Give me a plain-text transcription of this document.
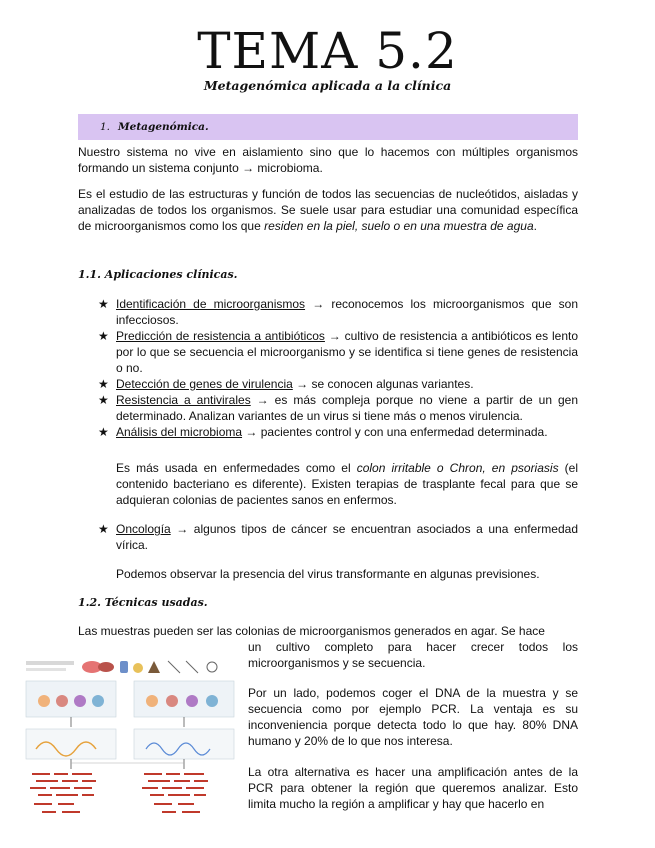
TEMA 5.2
Metagenómica aplicada a la clínica
1. Metagenómica.
Nuestro sistema no vive en aislamiento sino que lo hacemos con múltiples organismos formando un sistema conjunto → microbioma.
Es el estudio de las estructuras y función de todos las secuencias de nucleótidos, aisladas y analizadas de todos los organismos. Se suele usar para estudiar una comunidad específica de microorganismos como los que residen en la piel, suelo o en una muestra de agua.
1.1. Aplicaciones clínicas.
★ Identificación de microorganismos → reconocemos los microorganismos que son infecciosos.
★ Predicción de resistencia a antibióticos → cultivo de resistencia a antibióticos es lento por lo que se secuencia el microorganismo y se identifica si tiene genes de resistencia o no.
★ Detección de genes de virulencia → se conocen algunas variantes.
★ Resistencia a antivirales → es más compleja porque no viene a partir de un gen determinado. Analizan variantes de un virus si tiene más o menos virulencia.
★ Análisis del microbioma → pacientes control y con una enfermedad determinada.
Es más usada en enfermedades como el colon irritable o Chron, en psoriasis (el contenido bacteriano es diferente). Existen terapias de trasplante fecal para que se adquieran colonias de pacientes sanos en enfermos.
★ Oncología → algunos tipos de cáncer se encuentran asociados a una enfermedad vírica.
Podemos observar la presencia del virus transformante en algunas previsiones.
1.2. Técnicas usadas.
Las muestras pueden ser las colonias de microorganismos generados en agar. Se hace
un cultivo completo para hacer crecer todos los microorganismos y se secuencia.
Por un lado, podemos coger el DNA de la muestra y se secuencia como por ejemplo PCR. La ventaja es su inconveniencia porque detecta todo lo que hay. 80% DNA humano y 20% de lo que nos interesa.
La otra alternativa es hacer una amplificación antes de la PCR para obtener la región que queremos analizar. Esto limita mucho la región a amplificar y hay que hacerlo en
